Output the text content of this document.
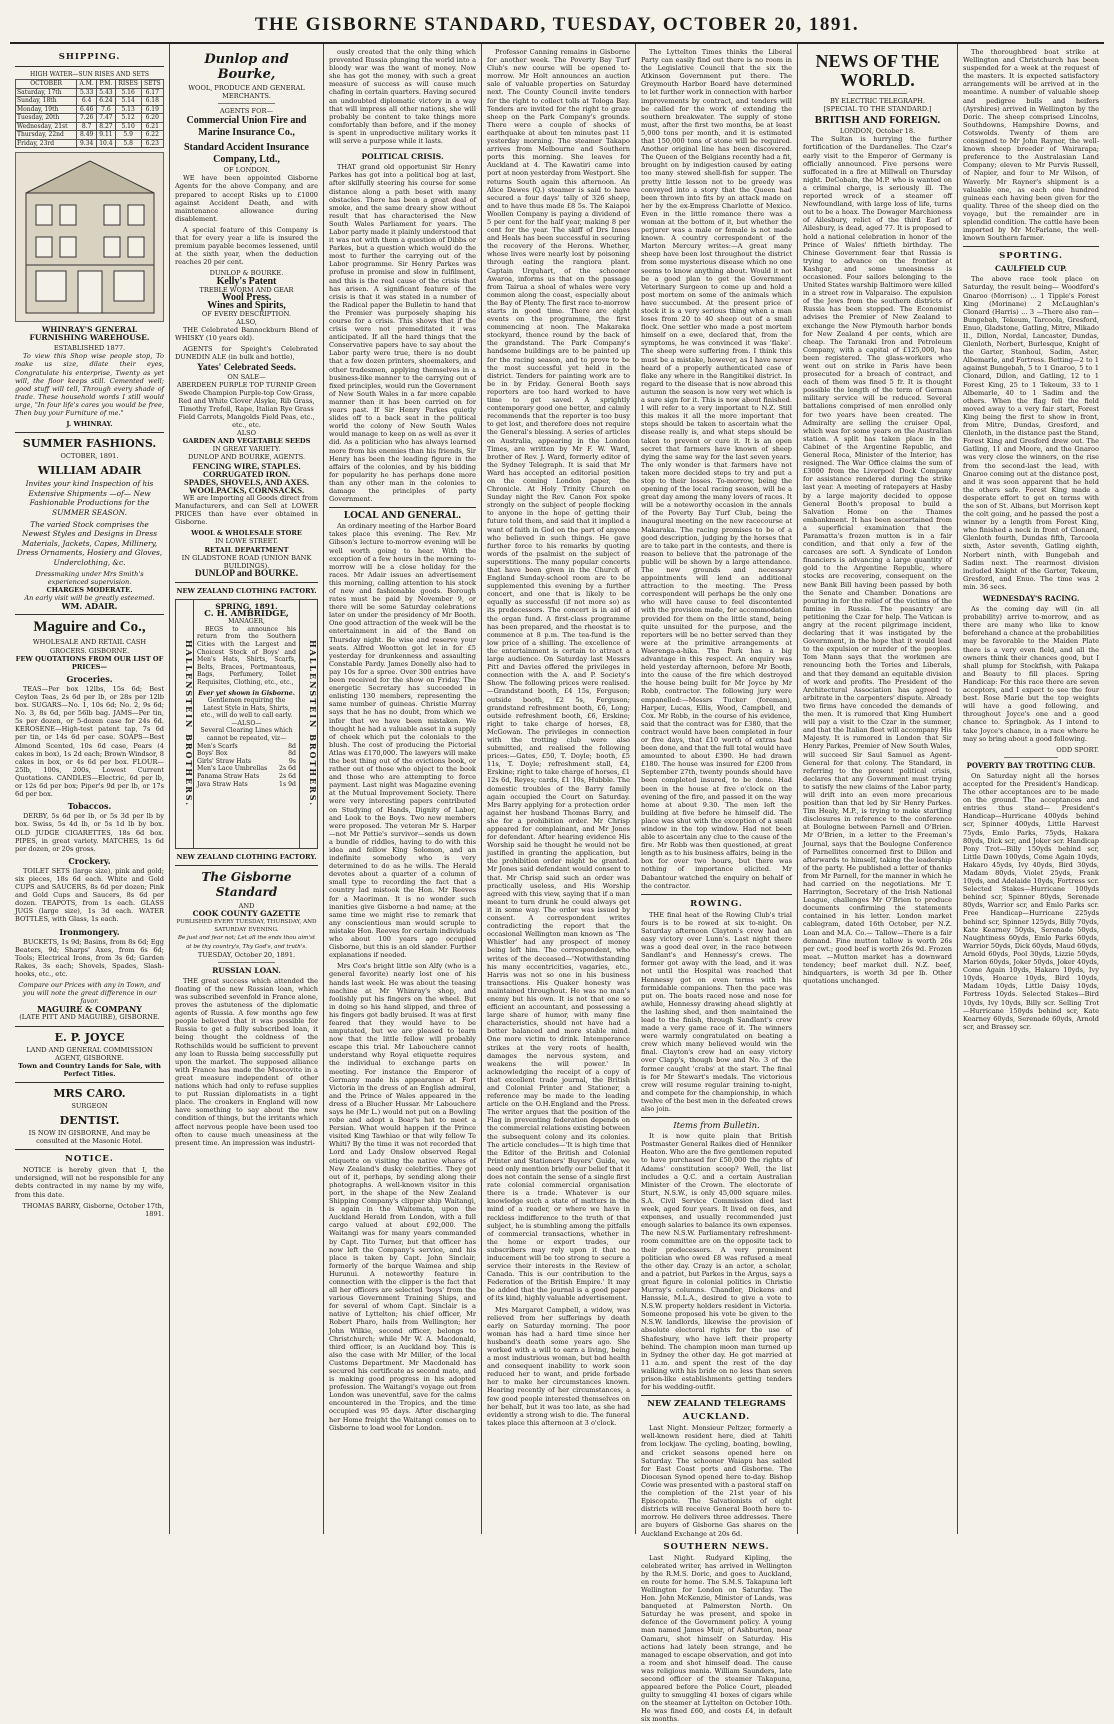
THE GISBORNE STANDARD, TUESDAY, OCTOBER 20, 1891.
SHIPPING.
HIGH WATER—SUN RISES AND SETS
OCTOBER	A.M.	P.M.	RISES	SETS
Saturday, 17th	5.33	5.43	5.16	6.17
Sunday, 18th	6.4	6.24	5.14	6.18
Monday, 19th	6.46	7.6	5.13	6.19
Tuesday, 20th	7.26	7.47	5.12	6.20
Wednesday, 21st	8.7	8.27	5.10	6.21
Thursday, 22nd	8.49	9.11	5.9	6.22
Friday, 23rd	9.34	10.4	5.8	6.23
WHINRAY'S GENERAL FURNISHING WAREHOUSE.
ESTABLISHED 1877.

To view this Shop wise people stop, To make us size, dilate their eyes, Congratulate his enterprise, Twenty as yet will, the floor keeps still. Cemented well; good stuff will tell, Through every shade of trade. These household words I still would urge, "In four life's cares you would be free, Then buy your Furniture of me."

J. WHINRAY.
SUMMER FASHIONS.
OCTOBER, 1891.
WILLIAM ADAIR
Invites your kind Inspection of his Extensive Shipments —of— New Fashionable Productions for the SUMMER SEASON.
The varied Stock comprises the Newest Styles and Designs in Dress Materials, Jackets, Capes, Millinery, Dress Ornaments, Hosiery and Gloves, Underclothing, &c.
Dressmaking under Mrs Smith's experienced supervision.
CHARGES MODERATE.
An early visit will be greatly esteemed.
WM. ADAIR.
Maguire and Co.,
WHOLESALE AND RETAIL CASH GROCERS. GISBORNE.
FEW QUOTATIONS FROM OUR LIST OF PRICES—
Groceries.

TEAS—Per box 12lbs, 15s 6d; Best Ceylon Teas, 2s 6d per lb, or 28s per 12lb box. SUGARS—No. 1, 10s 6d; No. 2, 9s 6d; No. 3, 8s 6d, per 56lb bag. JAMS—Per tin, 5s per dozen, or 5-dozen case for 24s 6d. KEROSENE—High-test patent tap, 7s 6d per tin, or 14s 6d per case. SOAPS—Best Almond Scented, 10s 6d case, Pears (4 cakes in box), 1s 2d each; Brown Windsor, 8 cakes in box, or 4s 6d per box. FLOUR—25lb, 100s, 200s, Lowest Current Quotations. CANDLES—Electric, 6d per lb, or 12s 6d per box; Piper's 9d per lb, or 17s 6d per box.

Tobaccos.

DERBY, 5s 6d per lb, or 5s 3d per lb by box. Swiss, 5s 4d lb, or 5s 1d lb by box. OLD JUDGE CIGARETTES, 18s 6d box. PIPES, in great variety. MATCHES, 1s 6d per dozen, or 20s gross.

Crockery.

TOILET SETS (large size), pink and gold; six pieces, 18s 6d each. White and Gold CUPS and SAUCERS, 8s 6d per dozen; Pink and Gold Cups and Saucers, 8s 6d per dozen. TEAPOTS, from 1s each. GLASS JUGS (large size), 1s 3d each. WATER BOTTLES, with Glass, 1s each.

Ironmongery.

BUCKETS, 1s 9d; Basins, from 8s 6d; Egg Beaters, 9d; Sharps' Axes, from 6s 6d; Tools; Electrical Irons, from 3s 6d; Garden Rakes, 3s each; Shovels, Spades, Slash-hooks, etc., etc.

Compare our Prices with any in Town, and you will note the great difference in our favor.
MAGUIRE & COMPANY
(LATE PITT AND MAGUIRE), GISBORNE.
E. P. JOYCE
LAND AND GENERAL COMMISSION AGENT, GISBORNE.
Town and Country Lands for Sale, with Perfect Titles.
MRS CARO.
SURGEON
DENTIST.
IS NOW IN GISBORNE, And may be consulted at the Masonic Hotel.
NOTICE.

NOTICE is hereby given that I, the undersigned, will not be responsible for any debts contracted in my name by my wife, from this date.

THOMAS BARRY, Gisborne, October 17th, 1891.
Dunlop and Bourke,
WOOL, PRODUCE AND GENERAL MERCHANTS.
AGENTS FOR—
Commercial Union Fire and Marine Insurance Co.,
Standard Accident Insurance Company, Ltd.,
OF LONDON.

WE have been appointed Gisborne Agents for the above Company, and are prepared to accept Risks up to £1000 against Accident Death, and with maintenance allowance during disablement.

A special feature of this Company is that for every year a life is insured the premium payable becomes lessened, until at the sixth year, when the deduction reaches 20 per cent.

DUNLOP & BOURKE.
Kelly's Patent
TREBLE WORM AND GEAR
Wool Press.
Wines and Spirits,
OF EVERY DESCRIPTION.
ALSO,

THE Celebrated Bannockburn Blend of WHISKY (10 years old).

AGENTS for Speight's Celebrated DUNEDIN ALE (in bulk and bottle),

Yates' Celebrated Seeds.
ON SALE—
ABERDEEN PURPLE TOP TURNIP Green Swede Champion Purple-top Cow Grass, Red and White Clover Alsyke, Rib Grass, Timothy Trefoil, Rape, Italian Rye Grass Field Carrots, Mangolds Field Peas, etc., etc., etc.
ALSO
GARDEN AND VEGETABLE SEEDS
IN GREAT VARIETY.
DUNLOP AND BOURKE, AGENTS.
FENCING WIRE, STAPLES.
CORRUGATED IRON.
SPADES, SHOVELS, AND AXES.
WOOLPACKS, CORNSACKS.

WE are Importing all Goods direct from Manufacturers, and can Sell at LOWER PRICES than have ever obtained in Gisborne.

WOOL & WHOLESALE STORE
IN LOWE STREET.
RETAIL DEPARTMENT
IN GLADSTONE ROAD (UNION BANK BUILDINGS).
DUNLOP and BOURKE.
NEW ZEALAND CLOTHING FACTORY.
HALLENSTEIN BROTHERS.
SPRING, 1891.
C. H. AMBRIDGE,
MANAGER,

BEGS to announce his return from the Southern Cities with the Largest and Choicest Stock of Boys' and Men's Hats, Shirts, Scarfs, Belts, Braces, Portmanteaus, Bags, Perfumery, Toilet Requisites, Clothing, etc., etc.,

Ever yet shown in Gisborne.
Gentlemen requiring the Latest Style in Hats, Shirts, etc., will do well to call early.
—ALSO—
Several Clearing Lines which cannot be repeated, viz—
Men's Scarfs	8d
Boys' Box	8d
Girls' Straw Hats	9s
Men's Lace Umbrellas 2s 6d
Panama Straw Hats	2s 6d
Java Straw Hats	1s 9d	HALLENSTEIN BROTHERS.
NEW ZEALAND CLOTHING FACTORY.
The Gisborne Standard
AND
COOK COUNTY GAZETTE
PUBLISHED EVERY TUESDAY, THURSDAY, AND SATURDAY EVENING.
Be just and fear not; Let all the ends thou aim'st at be thy country's, Thy God's, and truth's.
TUESDAY, October 20, 1891.
RUSSIAN LOAN.

THE great success which attended the floating of the new Russian loan, which was subscribed sevenfold in France alone, proves the astuteness of the diplomatic agents of Russia. A few months ago few people believed that it was possible for Russia to get a fully subscribed loan, it being thought the coldness of the Rothschilds would be sufficient to prevent any loan to Russia being successfully put upon the market. The supposed alliance with France has made the Muscovite in a great measure independent of other nations which had only to refuse supplies to put Russian diplomatists in a tight place. The croakers in England will now have something to say about the new condition of things, but the irritants which affect nervous people have been used too often to cause much uneasiness at the present time. An impression was industri-

ously created that the only thing which prevented Russia plunging the world into a bloody war was the want of money. Now she has got the money, with such a great measure of success as will cause much chafing in certain quarters. Having secured an undoubted diplomatic victory in a way that will impress all other nations, she will probably be content to take things more comfortably than before, and if the money is spent in unproductive military works it will serve a purpose while it lasts.

POLITICAL CRISIS.

THAT grand old opportunist Sir Henry Parkes has got into a political bog at last, after skilfully steering his course for some distance along a path beset with many obstacles. There has been a great deal of smoke, and the same dreary show without result that has characterised the New South Wales Parliament for years. The Labor party made it plainly understood that it was not with them a question of Dibbs or Parkes, but a question which would do the most to further the carrying out of the Labor programme. Sir Henry Parkes was profuse in promise and slow in fulfilment, and this is the real cause of the crisis that has arisen. A significant feature of the crisis is that it was stated in a number of the Radical paper the Bulletin to hand that the Premier was purposely shaping his course for a crisis. This shows that if the crisis were not premeditated it was anticipated. If all the hard things that the Conservative papers have to say about the Labor party were true, there is no doubt that a few dozen printers, shoemakers, and other tradesmen, applying themselves in a business-like manner to the carrying out of fixed principles, would run the Government of New South Wales in a far more capable manner than it has been carried on for years past. If Sir Henry Parkes quietly slides off to a back seat in the political world the colony of New South Wales would manage to keep on as well as ever it did. As a politician who has always learned more from his enemies than his friends, Sir Henry has been the leading figure in the affairs of the colonies, and by his bidding for popularity he has perhaps done more than any other man in the colonies to damage the principles of party Government.

LOCAL AND GENERAL.

An ordinary meeting of the Harbor Board takes place this evening. The Rev. Mr Gibson's lecture to-morrow evening will be well worth going to hear. With the exception of a few hours in the morning to-morrow will be a close holiday for the races. Mr Adair issues an advertisement this morning, calling attention to his stock of new and fashionable goods. Borough rates must be paid by November 9, or there will be some Saturday celebrations later on under the presidency of Mr Booth. One good attraction of the week will be the entertainment in aid of the Band on Thursday night. Be wise and reserve your seats. Alfred Wootton got let in for £5 yesterday for drunkenness and assaulting Constable Pardy. James Donelly also had to pay 10s for a spree. Over 300 entries have been received for the show on Friday. The energetic Secretary has succeeded in enlisting 130 members, representing the same number of guineas. Christie Murray says that he has no doubt, from which we infer that we have been mistaken. We thought he had a valuable asset in a supply of cheek which put the colonials to the blush. The cost of producing the Pictorial Atlas was £170,000. The lawyers will make the best thing out of the evictions book, or rather out of those who object to the book and those who are attempting to force payment. Last night was Magazine evening at the Mutual Improvement Society. There were very interesting papers contributed on Studying of Hands, Dignity of Labor, and Look to the Boys. Two new members were proposed. The veteran Mr S. Harper—not Mr Pettie's survivor—sends us down a bundle of riddles, having to do with this idea and fellow King Solomon, and an indefinite somebody who is very determined to do as he wills. The Herald devotes about a quarter of a column of small type to recording the fact that a country lad mistook the Hon. Mr Reeves for a Maoriman. It is no wonder such inanities give Gisborne a bad name; at the same time we might rise to remark that any conscientious man would scruple to mistake Hon. Reeves for certain individuals who about 100 years ago occupied Gisborne, but this is an old slander. Further explanations if needed.

Mrs Cox's bright little son Alfy (who is a general favorite) nearly lost one of his hands last week. He was about the teasing machine at Mr Whinray's shop, and foolishly put his fingers on the wheel. But in doing so his hand slipped, and three of his fingers got badly bruised. It was at first feared that they would have to be amputated, but we are pleased to learn now that the little fellow will probably escape this trial. Mr Labouchere cannot understand why Royal etiquette requires the individual to exchange parts on meeting. For instance the Emperor of Germany made his appearance at Fort Victoria in the dress of an English admiral, and the Prince of Wales appeared in the dress of a Blucher Hussar. Mr Labouchere says he (Mr L.) would not put on a Bowling robe and adopt a Boar's hat to meet a Persian. What would happen if the Prince visited King Tawhiao or that wily fellow Te Whiti? By the time it was not recorded that Lord and Lady Onslow observed Regal etiquette on visiting the native whares of New Zealand's dusky celebrities. They got out of it, perhaps, by sending along their photographs. A well-known visitor in this port, in the shape of the New Zealand Shipping Company's clipper ship Waitangi, is again in the Waitemata, upon the Auckland Herald from London, with a full cargo valued at about £92,000. The Waitangi was for many years commanded by Capt. Tito Turner, but that officer has now left the Company's service, and his place is taken by Capt. John Sinclair, formerly of the barque Waimea and ship Hurunui. A noteworthy feature in connection with the clipper is the fact that all her officers are selected 'boys' from the various Government Training Ships, and for several of whom Capt. Sinclair is a native of Lyttelton; his chief officer, Mr Robert Pharo, hails from Wellington; her John Wilkie, second officer, belongs to Christchurch; while Mr W. A. Macdonald, third officer, is an Auckland boy. This is also the case with Mr Miller, of the local Customs Department. Mr Macdonald has secured his certificate as second mate, and is making good progress in his adopted profession. The Waitangi's voyage out from London was uneventful, save for the calms encountered in the Tropics, and the time occupied was 95 days. After discharging her Home freight the Waitangi comes on to Gisborne to load wool for London.

Professor Canning remains in Gisborne for another week. The Poverty Bay Turf Club's new course will be opened to-morrow. Mr Holt announces an auction sale of valuable properties on Saturday next. The County Council invite tenders for the right to collect tolls at Tologa Bay. Tenders are invited for the right to graze sheep on the Park Company's grounds. There were a couple of shocks of earthquake at about ten minutes past 11 yesterday morning. The steamer Takapo arrives from Melbourne and Southern ports this morning. She leaves for Auckland at 4. The Kawatiri came into port at noon yesterday from Westport. She returns South again this afternoon. An Alice Dawes (Q.) steamer is said to have secured a four days' tally of 326 sheep, and to have thus made £8 5s. The Kaiapoi Woollen Company is paying a dividend of 5 per cent for the half year, making 8 per cent for the year. The skiff of Drs Innes and Heals has been successful in securing the recovery of the Herons. Whether, whose lives were nearly lost by poisoning through eating the rangiora plant. Captain Urquhart, of the schooner Awaroa, informs us that on the passage from Tairua a shoal of whales were very common along the coast, especially about the Bay of Plenty. The first race to-morrow starts in good time. There are eight events on the programme, the first commencing at noon. The Makaraka stockyard, thence round by the back of the grandstand. The Park Company's handsome buildings are to be painted up for the racing season, and to prove to be the most successful yet held in the district. Tenders for painting work are to be in by Friday. General Booth says reporters are too hard worked to have time to get saved. A sprightly contemporary good one better, and calmly recommends that the reporter is too busy to get lost, and therefore does not require the General's blessing. A series of articles on Australia, appearing in the London Times, are written by Mr F. W. Ward, brother of Rev. J. Ward, formerly editor of the Sydney Telegraph. It is said that Mr Ward has accepted an editorial position on the coming London paper, the Chronicle. At Holy Trinity Church on Sunday night the Rev. Canon Fox spoke strongly on the subject of people flocking to anyone in the hope of getting their future told them, and said that it implied a want of faith in God on the part of anyone who believed in such things. He gave further force to his remarks by quoting words of the psalmist on the subject of superstitions. The many popular concerts that have been given in the Church of England Sunday-school room are to be supplemented this evening by a further concert, and one that is likely to be equally as successful (if not more so) as its predecessors. The concert is in aid of the organ fund. A first-class programme has been prepared, and the rheostat is to commence at 8 p.m. The tea-fund is the low price of a shilling. The excellence of the entertainment is certain to attract a large audience. On Saturday last Messrs Pitt and Davies offered the privileges in connection with the A. and P. Society's Show. The following prices were realised.—Grandstand booth, £4 15s, Ferguson; outside booth, £2 5s, Ferguson; grandstand refreshment booth, £6, Long; outside refreshment booth, £6, Erskine; right to take charge of horses, £8, McGowan. The privileges in connection with the trotting club were also submitted, and realised the following prices:—Gates, £50, T. Doyle; booth, £5 11s, T. Doyle; refreshment stall, £4, Erskine; right to take charge of horses, £1 12s 6d, Reyes; cards, £1 10s, Hubble. The domestic troubles of the Barry family again occupied the Court on Saturday. Mrs Barry applying for a protection order against her husband Thomas Barry, and she for a prohibition order. Mr Chrisp appeared for complainant, and Mr Jones for defendant. After hearing evidence His Worship said he thought he would not be justified in granting the application, but the prohibition order might be granted. Mr Jones said defendant would consent to that. Mr Chrisp said such an order was practically useless, and His Worship agreed with this view, saying that if a man meant to turn drunk he could always get it in some way. The order was issued by consent. A correspondent writes contradicting the report that the occasional Wellington man known as 'The Whistler' had any prospect of money being left him. The correspondent, who writes of the deceased—'Notwithstanding his many eccentricities, vagaries, etc., Harris was not so one in his business transactions. His Quaker honesty was maintained throughout. He was no man's enemy but his own. It is not that one so efficient an accountant, and possessing a large share of humor, with many fine characteristics, should not have had a better balanced and more stable mind. One more victim to drink. Intemperance strikes at the very roots of health, damages the nervous system, and weakens the will power.' In acknowledging the receipt of a copy of that excellent trade journal, the British and Colonial Printer and Stationer, a reference may be made to the leading article on the O.H.England and the Press. The writer argues that the position of the Flag in preventing federation depends on the commercial relations existing between the subsequent colony and its colonies. The article concludes—'It is high time that the Editor of the British and Colonial Printer and Stationers' Buyers' Guide, we need only mention briefly our belief that it does not contain the sense of a single first rate colonial commercial organisation there is a trade. Whatever is our knowledge such a state of matters in the mind of a reader, or where we have in reckless indifference to the truth of that subject, he is stumbling among the pitfalls of commercial transactions, whether in the home or export trades, our subscribers may rely upon it that no inducement will be too strong to secure a service their interests in the Review of Canada. This is our contribution to the Federation of the British Empire.' It may be added that the journal is a good paper of its kind, highly valuable advertisement.

Mrs Margaret Campbell, a widow, was relieved from her sufferings by death early on Saturday morning. The poor woman has had a hard time since her husband's death some years ago. She worked with a will to earn a living, being a most industrious woman, but bad health and consequent inability to work soon reduced her to want, and pride forbade her to make her circumstances known. Hearing recently of her circumstances, a few good people interested themselves on her behalf, but it was too late, as she had evidently a strong wish to die. The funeral takes place this afternoon at 3 o'clock.

The Lyttelton Times thinks the Liberal Party can easily find out there is no room in the Legislative Council that the six the Atkinson Government put there. The Greymouth Harbor Board have determined to let further work in connection with harbor improvements by contract, and tenders will be called for the work of extending the southern breakwater. The supply of stone must, after the first two months, be at least 5,000 tons per month, and it is estimated that 150,000 tons of stone will be required. Another original line has been discovered. The Queen of the Belgians recently had a fit, brought on by indigestion caused by eating too many stewed shell-fish for supper. The pretty little lesson not to be greedy was conveyed into a story that the Queen had been thrown into fits by an attack made on her by the ex-Empress Charlotte of Mexico. Even in the little romance there was a woman at the bottom of it, but whether the perjurer was a male or female is not made known. A country correspondent of the Marton Mercury writes:—A great many sheep have been lost throughout the district from some mysterious disease which no one seems to know anything about. Would it not be a good plan to get the Government Veterinary Surgeon to come up and hold a post mortem on some of the animals which have succumbed. At the present price of stock it is a very serious thing when a man loses from 20 to 40 sheep out of a small flock. One settler who made a post mortem himself on a ewe, declared that, from the symptoms, he was convinced it was 'flake'. The sheep were suffering from. I think this must be a mistake, however, as I have never heard of a properly authenticated case of flake any where in the Rangitikei district. In regard to the disease that is now abroad this autumn the season is now very wet which is a sure sign for it. This is now about finished. I will refer to a very important to N.Z. Still this makes it all the more important that steps should be taken to ascertain what the disease really is, and what steps should be taken to prevent or cure it. It is an open secret that farmers have known of sheep dying the same way for the last seven years. The only wonder is that farmers have not taken more decided steps to try and put a stop to their losses. To-morrow, being the opening of the local racing season, will be a great day among the many lovers of races. It will be a noteworthy occasion in the annals of the Poverty Bay Turf Club, being the inaugural meeting on the new racecourse at Makaraka. The racing promises to be of a good description, judging by the horses that are to take part in the contests, and there is reason to believe that the patronage of the public will be shown by a large attendance. The new grounds and necessary appointments will lend an additional attraction to the meeting. The Press correspondent will perhaps be the only one who will have cause to feel discontented with the provision made, for accommodation provided for them on the little stand, being quite unsuited for the purpose, and the reporters will be no better served than they were at the primitive arrangements at Waerenga-a-hika. The Park has a big advantage in this respect. An enquiry was held yesterday afternoon, before Mr Booth, into the cause of the fire which destroyed the house being built for Mr Joyce by Mr Robb, contractor. The following jury were empanelled:—Messrs Tucker (foreman), Harper, Lucas, Ellis, Wood, Campbell, and Cox. Mr Robb, in the course of his evidence, said that the contract was for £380, that the contract would have been completed in four or five days, that £10 worth of extras had been done, and that the full total would have amounted to about £390. He had drawn £180. The house was insured for £200 from September 27th, twenty pounds should have been completed insured, to be done. Had been in the house at five o'clock on the evening of the fire, and passed it on the way home at about 9.30. The men left the building at five before he himself did. The place was shut with the exception of a small window in the top window. Had not been able to ascertain any clue to the cause of the fire. Mr Robb was then questioned, at great length as to his business affairs, being in the box for over two hours, but there was nothing of importance elicited. Mr Dabantour watched the enquiry on behalf of the contractor.

ROWING.

THE final heat of the Rowing Club's trial fours is to be rowed at six to-night. On Saturday afternoon Clayton's crew had an easy victory over Lunn's. Last night there was a good deal over, in the race between Sandlant's and Hennessy's crews. The former got away with the lead, and it was not until the Hospital was reached that Hennessy got on even terms with his formidable companions. Then the pace was put on. The boats raced nose and nose for awhile, Hennessy drawing ahead slightly at the lashing shed, and then maintained the lead to the finish, through Sandlant's crew made a very game race of it. The winners were warmly congratulated on beating a crew which many believed would win the final. Clayton's crew had an easy victory over Clapp's, though bow and No. 3 of the former caught 'crabs' at the start. The final is for Mr Stewart's medals. The victorious crew will resume regular training to-night, and compete for the championship, in which twelve of the best men in the defeated crews also join.

Items from Bulletin.

It is now quite plain that British Postmaster General Raikes died of Henniker Heaton. Who are the five gentlemen reputed to have purchased for £50,000 the rights of Adams' constitution scoop? Well, the list includes a Q.C. and a certain Australian Minister of the Crown. The electorate of Sturt, N.S.W., is only 45,000 square miles. S.A. Civil Service Commission died last week, aged four years. It lived on fees, and expenses, and usually recommended just enough salaries to balance its own expenses. The new N.S.W. Parliamentary refreshment-room committee are on the opposite tack to their predecessors. A very prominent politician who owed £8 was refused a meal the other day. Crazy is an actor, a scholar, and a patriot, but Parkes in the Argus, says a great figure in colonial politics in Christie Murray's columns. Chandler, Dickens and Hanssie, M.L.A., desired to give a vote to N.S.W. property holders resident in Victoria. Someone proposed his vote be given to the N.S.W. landlords, likewise the provision of absolute electoral rights for the use of Shafesbury, who have left their property behind. The champion moon man turned up in Sydney the other day. He got married at 11 a.m. and spent the rest of the day walking with his bride on no less than seven prison-like establishments getting tenders for his wedding-outfit.

NEW ZEALAND TELEGRAMS
AUCKLAND.

Last Night. Monsieur Peltzer, formerly a well-known resident here, died at Tahiti from lockjaw. The cycling, boating, bowling, and cricket seasons opened here on Saturday. The schooner Waiapu has sailed for East Coast ports and Gisborne. The Diocesan Synod opened here to-day. Bishop Cowie was presented with a pastoral staff on the completion of the 21st year of his Episcopate. The Salvationists of eight districts will receive General Booth here to-morrow. He delivers three addresses. There are buyers of Gisborne Gas shares on the Auckland Exchange at 20s 6d.

SOUTHERN NEWS.

Last Night. Rudyard Kipling, the celebrated writer, has arrived in Wellington by the R.M.S. Doric, and goes to Auckland, en route for home. The S.M.S. Takapuna left Wellington for London on Saturday. The Hon. John McKenzie, Minister of Lands, was banqueted at Palmerston North. On Saturday he was present, and spoke in defence of the Government policy. A young man named James Muir, of Ashburton, near Oamaru, shot himself on Saturday. His actions had lately been strange, and he managed to escape observation, and got into a room and shot himself dead. The cause was religious mania. William Saunders, late second officer of the steamer Takapuna, appeared before the Police Court, pleaded guilty to smuggling 41 boxes of cigars while on the steamer at Lyttelton on October 10th. He was fined £60, and costs £4, in default six months.

NEWS OF THE WORLD.
BY ELECTRIC TELEGRAPH.
[SPECIAL TO THE STANDARD.]
BRITISH AND FOREIGN.
LONDON, October 18.

The Sultan is hurrying the further fortification of the Dardanelles. The Czar's early visit to the Emperor of Germany is officially announced. Five persons were suffocated in a fire at Millwall on Thursday night. DeCobain, the M.P. who is wanted on a criminal charge, is seriously ill. The reported wreck of a steamer off Newfoundland, with large loss of life, turns out to be a hoax. The Dowager Marchioness of Ailesbury, relict of the third Earl of Ailesbury, is dead, aged 77. It is proposed to hold a national celebration in honor of the Prince of Wales' fiftieth birthday. The Chinese Government fear that Russia is trying to advance on the frontier at Kashgar, and some uneasiness is occasioned. Four sailors belonging to the United States warship Baltimore were killed in a street row in Valparaiso. The expulsion of the Jews from the southern districts of Russia has been stopped. The Economist advises the Premier of New Zealand to exchange the New Plymouth harbor bonds for New Zealand 4 per cents, which are cheap. The Taranaki Iron and Petroleum Company, with a capital of £125,000, has been registered. The glass-workers who went out on strike in Paris have been prosecuted for a breach of contract, and each of them was fined 5 fr. It is thought possible the length of the term of German military service will be reduced. Several battalions comprised of men enrolled only for two years have been created. The Admiralty are selling the cruiser Opal, which was for some years on the Australian station. A split has taken place in the Cabinet of the Argentine Republic, and General Roca, Minister of the Interior, has resigned. The War Office claims the sum of £3000 from the Liverpool Dock Company for assistance rendered during the strike last year. A meeting of ratepayers at Hasby by a large majority decided to oppose General Booth's proposal to build a Salvation Home on the Thames embankment. It has been ascertained from a superficial examination that the Paramatta's frozen mutton is in a fair condition, and that only a few of the carcases are soft. A Syndicate of London financiers is advancing a large quantity of gold to the Argentine Republic, where stocks are recovering, consequent on the new Bank Bill having been passed by both the Senate and Chamber. Donations are pouring in for the relief of the victims of the famine in Russia. The peasantry are petitioning the Czar for help. The Vatican is angry at the recent pilgrimage incident, declaring that it was instigated by the Government, in the hope that it would lead to the expulsion or murder of the peoples. Tom Mann says that the workmen are renouncing both the Tories and Liberals, and that they demand an equitable division of work and profits. The President of the Architectural Association has agreed to arbitrate in the carpenters' dispute. Already two firms have conceded the demands of the men. It is rumored that King Humbert will pay a visit to the Czar in the summer, and that the Italian fleet will accompany His Majesty. It is rumored in London that Sir Henry Parkes, Premier of New South Wales, will succeed Sir Saul Samuel as Agent-General for that colony. The Standard, in referring to the present political crisis, declares that any Government must trying to satisfy the new claims of the Labor party, will drift into an even more precarious position than that led by Sir Henry Parkes. Tim Healy, M.P., is trying to make startling disclosures in reference to the conference at Boulogne between Parnell and O'Brien. Mr O'Brien, in a letter to the Freeman's Journal, says that the Boulogne Conference of Parnellites concerned first to Dillon and afterwards to himself, taking the leadership of the party. He published a letter of thanks from Mr Parnell, for the manner in which he had carried on the negotiations. Mr T. Harrington, Secretary of the Irish National League, challenges Mr O'Brien to produce documents confirming the statements contained in his letter. London market cablegram, dated 16th October, per N.Z. Loan and M.A. Co.— Tallow—There is a fair demand. Fine mutton tallow is worth 26s per cwt.; good beef is worth 26s 9d. Frozen meat. —Mutton market has a downward tendency; beef market dull. N.Z. beef, hindquarters, is worth 3d per lb. Other quotations unchanged.

The thoroughbred boat strike at Wellington and Christchurch has been suspended for a week at the request of the masters. It is expected satisfactory arrangements will be arrived at in the meantime. A number of valuable sheep and pedigree bulls and heifers (Ayrshires) arrived in Wellington by the Doric. The sheep comprised Lincolns, Southdowns, Hampshire Downs, and Cotswolds. Twenty of them are consigned to Mr John Rayner, the well-known sheep breeder of Wairarapa; preference to the Australasian Land Company; eleven to Mr Purvis Russell, of Napier, and four to Mr Wilson, of Waverly. Mr Rayner's shipment is a valuable one, as each one hundred guineas each having been given for the quality. Three of the sheep died on the voyage, but the remainder are in splendid condition. The cattle have been imported by Mr McFarlane, the well-known Southern farmer.

SPORTING.
CAULFIELD CUP.

The above race took place on Saturday, the result being— Woodford's Gnaroo (Morrison) ... 1 Tipple's Forest King (Morinane) 2 McLaughlan's Clonard (Harris) ... 3 —There also ran—Bungebah, Tekeum, Tarcoola, Gresford, Enuo, Gladstone, Gatling, Mitre, Mikado II., Dillon, Nordal, Lancaster, Dundas, Glenloth, Norbert, Burlesque, Knight of the Garter, Stanhoul, Sadim, Aster, Albemarle, and Fortress. Betting—2 to 1 against Bungebah, 5 to 1 Gnaroo, 5 to 1 Clonard, Dillon, and Gatling, 12 to 1 Forest King, 25 to 1 Tekeum, 33 to 1 Albemarle, 40 to 1 Sadim and the others. When the flag fell the field moved away to a very fair start, Forest King being the first to show in front, from Mitre, Dundas, Gresford, and Glenloth, in the distance past the Stand, Forest King and Gresford drew out. The Gatling, 11 and Moore, and the Gnaroo was very close the winners, on the rise from the second-last the lead, with Gnaroo coming out at the distance post, and it was soon apparent that he held the others safe. Forest King made a desperate effort to get on terms with the son of St. Albans, but Morrison kept the colt going, and he passed the post a winner by a length from Forest King, who finished a neck in front of Clonard, Glenloth fourth, Dundas fifth, Tarcoola sixth, Aster seventh, Gatling eighth, Norbert ninth, with Bungebah and Sadim next. The rearmost division included Knight of the Garter, Tekeum, Gresford, and Enuo. The time was 2 min. 36 secs.

WEDNESDAY'S RACING.

As the coming day will (in all probability) arrive to-morrow, and as there are many who like to know beforehand a chance at the probabilities may be favorable to the Maiden Plate there is a very even field, and all the owners think their chances good, but I shall plump for Stockfish, with Pakapa and Beauty to fill places. Spring Handicap: For this race there are seven acceptors, and I expect to see the four best. Rose Marie but the top weights will have a good following, and throughout Joyce's one and a good chance to. Springbok. As I intend to take Joyce's chance, in a race where he may so bring about a good following.

ODD SPORT.
POVERTY BAY TROTTING CLUB.

On Saturday night all the horses accepted for the President's Handicap. The other acceptances are to be made on the ground. The acceptances and entries thus stand— President's Handicap—Hurricane 400yds behind scr, Spinner 400yds, Little Harvest 75yds, Emlo Parks, 75yds, Hakara 80yds, Dick scr, and Joker scr. Handicap Pony Trot—Billy 150yds behind scr, Little Dawn 100yds, Come Again 10yds, Hakaro 45yds, Ivy 40yds, Bird 30yds, Madam 80yds, Violet 25yds, Frank 10yds, and Adelaide 10yds, Fortress scr. Selected Stakes—Hurricane 100yds behind scr, Spinner 80yds, Serenade 80yds, Warrior scr, and Emlo Parks scr. Free Handicap—Hurricane 225yds behind scr, Spinner 125yds, Billy 70yds, Kate Kearney 50yds, Serenade 50yds, Naughtiness 60yds, Emlo Parks 60yds, Warrior 50yds, Dick 60yds, Maud 60yds, Arnold 60yds, Pool 30yds, Lizzie 50yds, Marion 60yds, Joker 50yds, Joker 40yds, Come Again 10yds, Hakaro 10yds, Ivy 10yds, Hoarce 10yds, Bird 10yds, Madam 10yds, Little Daisy 10yds, Fortress 10yds. Selected Stakes—Bird 10yds, Ivy 10yds, Billy scr. Selling Trot—Hurricane 150yds behind scr, Kate Kearney 60yds, Serenade 60yds, Arnold scr, and Brassey scr.
